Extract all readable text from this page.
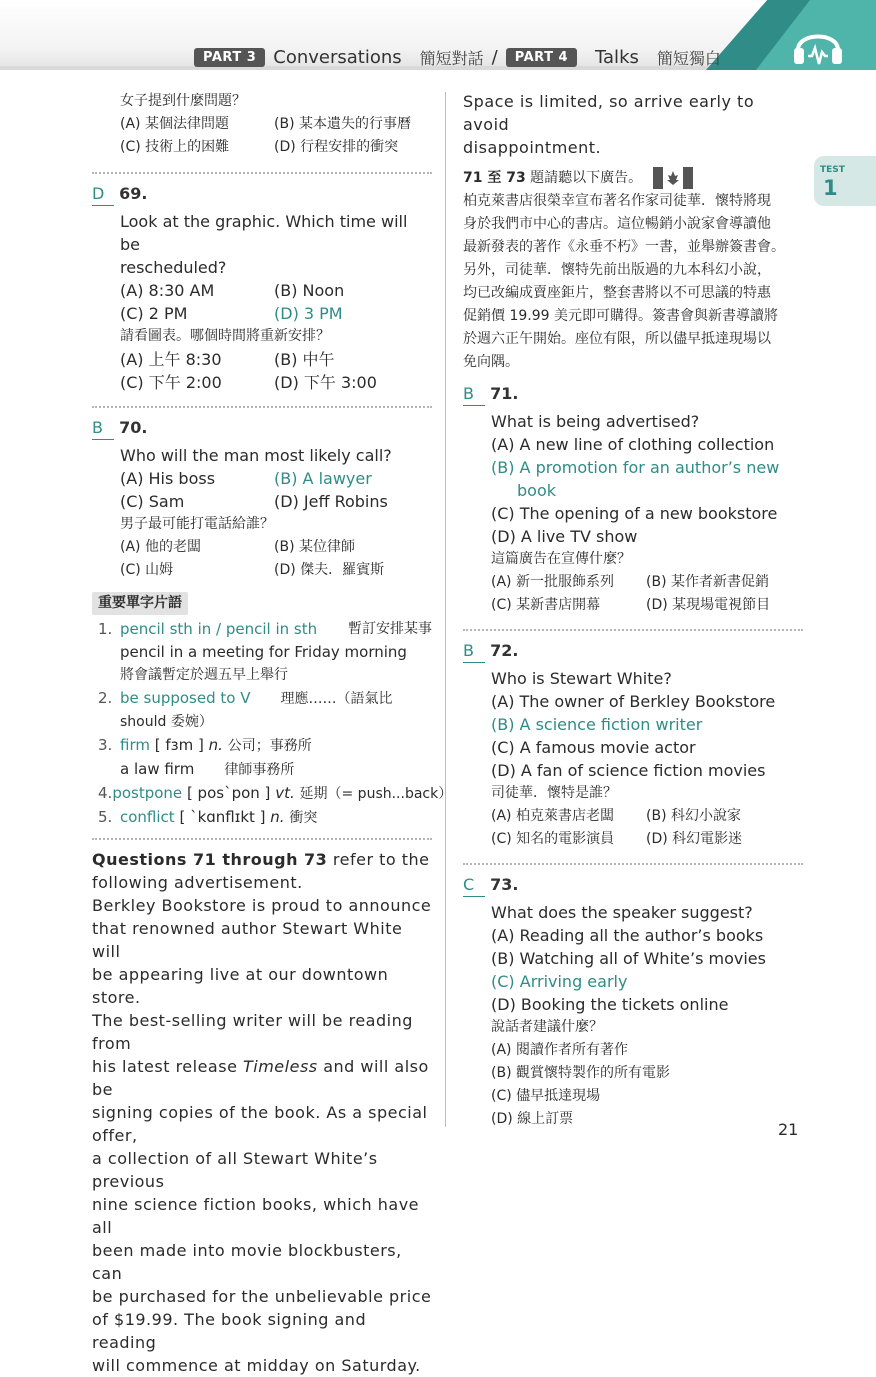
PART 3 Conversations 簡短對話 /	PART 4	Talks 簡短獨白
TEST
1
女子提到什麼問題？
(A) 某個法律問題	(B) 某本遺失的行事曆
(C) 技術上的困難	(D) 行程安排的衝突
D 69.
Look at the graphic. Which time will be
rescheduled?
(A) 8:30 AM	(B) Noon
(C) 2 PM	(D) 3 PM
請看圖表。哪個時間將重新安排？
(A) 上午 8:30	(B) 中午
(C) 下午 2:00	(D) 下午 3:00
B 70.
Who will the man most likely call?
(A) His boss	(B) A lawyer
(C) Sam	(D) Jeff Robins
男子最可能打電話給誰？
(A) 他的老闆	(B) 某位律師
(C) 山姆	(D) 傑夫．羅賓斯
重要單字片語
1. pencil sth in / pencil in sth 暫訂安排某事
pencil in a meeting for Friday morning
將會議暫定於週五早上舉行
2. be supposed to V 理應……（語氣比
should 委婉）
3. firm [ fɜm ] n. 公司；事務所
a law firm 律師事務所
4. postpone [ posˋpon ] vt. 延期（= push...back）
5. conflict [ ˋkɑnflɪkt ] n. 衝突
Questions 71 through 73 refer to the
following advertisement.
Berkley Bookstore is proud to announce
that renowned author Stewart White will
be appearing live at our downtown store.
The best-selling writer will be reading from
his latest release Timeless and will also be
signing copies of the book. As a special offer,
a collection of all Stewart White’s previous
nine science fiction books, which have all
been made into movie blockbusters, can
be purchased for the unbelievable price
of $19.99. The book signing and reading
will commence at midday on Saturday.
Space is limited, so arrive early to avoid
disappointment.
71 至 73 題請聽以下廣告。
柏克萊書店很榮幸宣布著名作家司徒華．懷特將現
身於我們市中心的書店。這位暢銷小說家會導讀他
最新發表的著作《永垂不朽》一書，並舉辦簽書會。
另外，司徒華．懷特先前出版過的九本科幻小說，
均已改編成賣座鉅片，整套書將以不可思議的特惠
促銷價 19.99 美元即可購得。簽書會與新書導讀將
於週六正午開始。座位有限，所以儘早抵達現場以
免向隅。
B 71.
What is being advertised?
(A) A new line of clothing collection
(B) A promotion for an author’s new
book
(C) The opening of a new bookstore
(D) A live TV show
這篇廣告在宣傳什麼？
(A) 新一批服飾系列	(B) 某作者新書促銷
(C) 某新書店開幕	(D) 某現場電視節目
B 72.
Who is Stewart White?
(A) The owner of Berkley Bookstore
(B) A science fiction writer
(C) A famous movie actor
(D) A fan of science fiction movies
司徒華．懷特是誰？
(A) 柏克萊書店老闆	(B) 科幻小說家
(C) 知名的電影演員	(D) 科幻電影迷
C 73.
What does the speaker suggest?
(A) Reading all the author’s books
(B) Watching all of White’s movies
(C) Arriving early
(D) Booking the tickets online
說話者建議什麼？
(A) 閱讀作者所有著作
(B) 觀賞懷特製作的所有電影
(C) 儘早抵達現場
(D) 線上訂票
21
